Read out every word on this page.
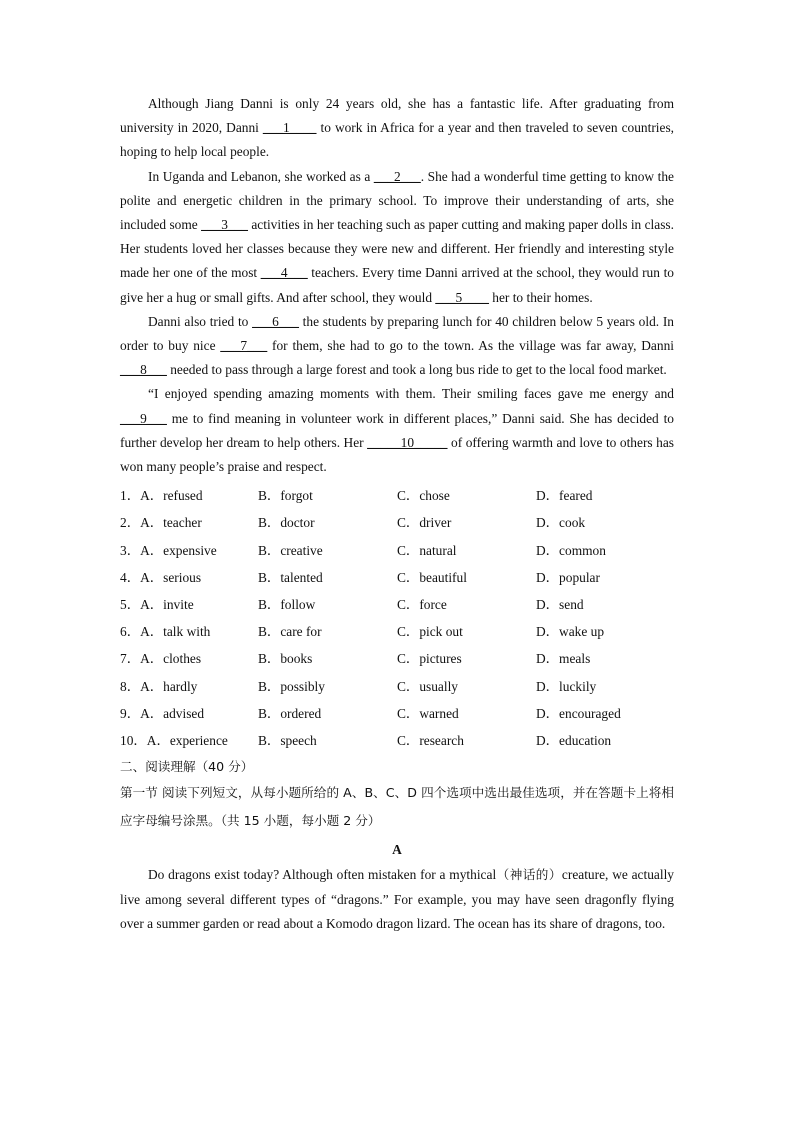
Although Jiang Danni is only 24 years old, she has a fantastic life. After graduating from university in 2020, Danni ___1____ to work in Africa for a year and then traveled to seven countries, hoping to help local people.

In Uganda and Lebanon, she worked as a ___2___. She had a wonderful time getting to know the polite and energetic children in the primary school. To improve their understanding of arts, she included some ___3___ activities in her teaching such as paper cutting and making paper dolls in class. Her students loved her classes because they were new and different. Her friendly and interesting style made her one of the most ___4___ teachers. Every time Danni arrived at the school, they would run to give her a hug or small gifts. And after school, they would ___5____ her to their homes.

Danni also tried to ___6___ the students by preparing lunch for 40 children below 5 years old. In order to buy nice ___7___ for them, she had to go to the town. As the village was far away, Danni ___8___ needed to pass through a large forest and took a long bus ride to get to the local food market.

“I enjoyed spending amazing moments with them. Their smiling faces gave me energy and ___9___ me to find meaning in volunteer work in different places,” Danni said. She has decided to further develop her dream to help others. Her _____10_____ of offering warmth and love to others has won many people’s praise and respect.

1．A．refused	B．forgot	C．chose	D．feared
2．A．teacher	B．doctor	C．driver	D．cook
3．A．expensive	B．creative	C．natural	D．common
4．A．serious	B．talented	C．beautiful	D．popular
5．A．invite	B．follow	C．force	D．send
6．A．talk with	B．care for	C．pick out	D．wake up
7．A．clothes	B．books	C．pictures	D．meals
8．A．hardly	B．possibly	C．usually	D．luckily
9．A．advised	B．ordered	C．warned	D．encouraged
10．A．experience	B．speech	C．research	D．education
二、阅读理解（40 分）
第一节 阅读下列短文，从每小题所给的 A、B、C、D 四个选项中选出最佳选项，并在答题卡上将相应字母编号涂黑。（共 15 小题，每小题 2 分）
A

Do dragons exist today? Although often mistaken for a mythical（神话的）creature, we actually live among several different types of “dragons.” For example, you may have seen dragonfly flying over a summer garden or read about a Komodo dragon lizard. The ocean has its share of dragons, too.
